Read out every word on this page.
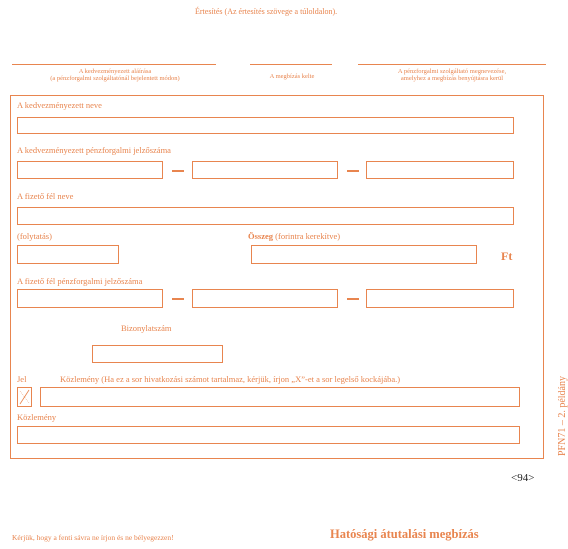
Értesítés (Az értesítés szövege a túloldalon).
A kedvezményezett aláírása
(a pénzforgalmi szolgáltatónál bejelentett módon)	A megbízás kelte
A pénzforgalmi szolgáltató megnevezése,
amelyhez a megbízás benyújtásra kerül
A kedvezményezett neve
A kedvezményezett pénzforgalmi jelzőszáma
A fizető fél neve
(folytatás)	Összeg (forintra kerekítve)
Ft
A fizető fél pénzforgalmi jelzőszáma
Bizonylatszám
Jel	Közlemény (Ha ez a sor hivatkozási számot tartalmaz, kérjük, írjon „X”-et a sor legelső kockájába.)
Közlemény	PFN71 – 2. példány
<94>
Kérjük, hogy a fenti sávra ne írjon és ne bélyegezzen!	Hatósági átutalási megbízás
